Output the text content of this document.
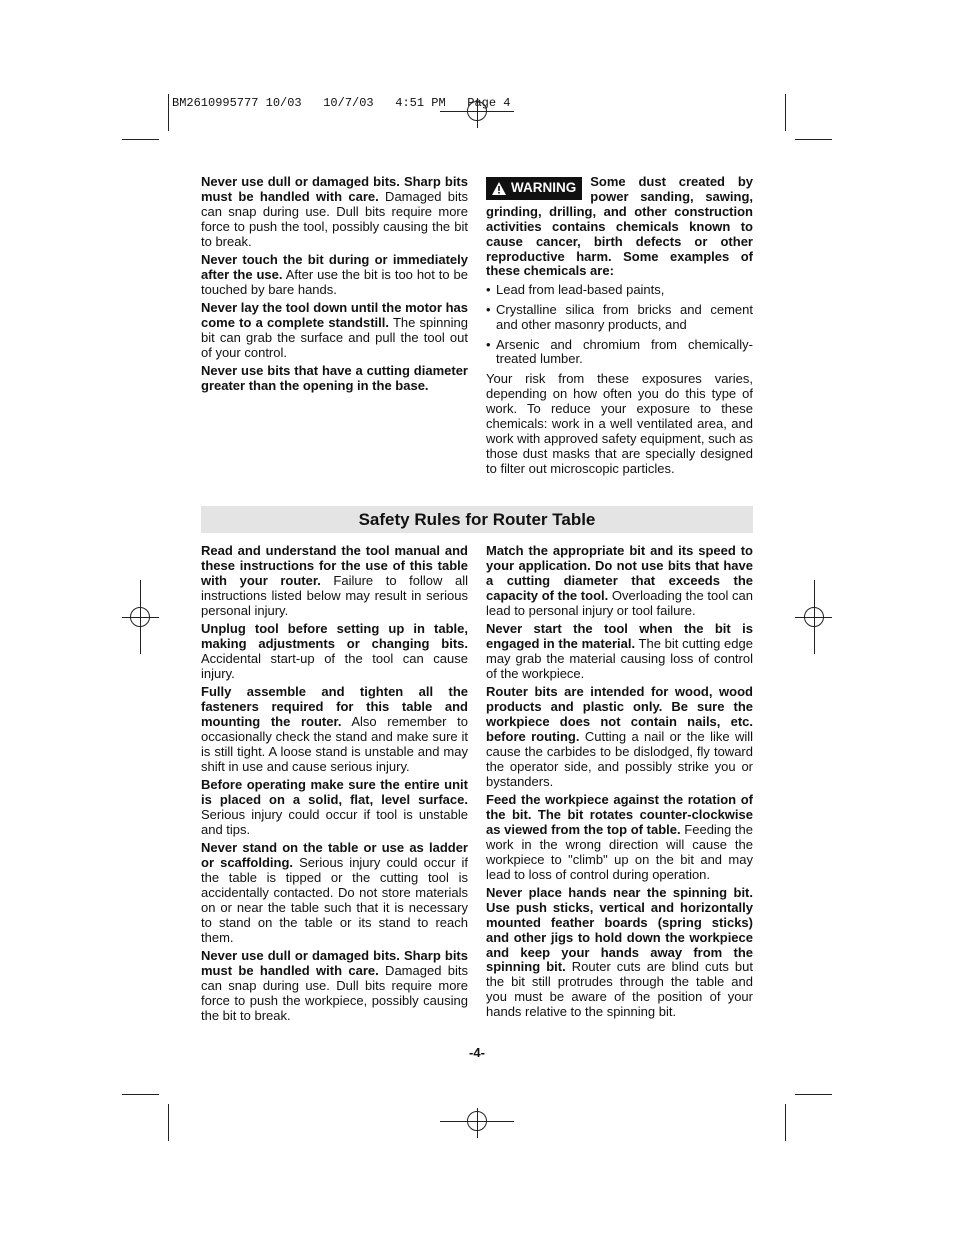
BM2610995777 10/03   10/7/03   4:51 PM   Page 4

Never use dull or damaged bits. Sharp bits must be handled with care. Damaged bits can snap during use. Dull bits require more force to push the tool, possibly causing the bit to break.

Never touch the bit during or immediately after the use. After use the bit is too hot to be touched by bare hands.

Never lay the tool down until the motor has come to a complete standstill. The spinning bit can grab the surface and pull the tool out of your control.

Never use bits that have a cutting diameter greater than the opening in the base.

WARNING Some dust created by power sanding, sawing, grinding, drilling, and other construction activities contains chemicals known to cause cancer, birth defects or other reproductive harm. Some examples of these chemicals are:

• Lead from lead-based paints,
• Crystalline silica from bricks and cement and other masonry products, and
• Arsenic and chromium from chemically-treated lumber.

Your risk from these exposures varies, depending on how often you do this type of work. To reduce your exposure to these chemicals: work in a well ventilated area, and work with approved safety equipment, such as those dust masks that are specially designed to filter out microscopic particles.

Safety Rules for Router Table

Read and understand the tool manual and these instructions for the use of this table with your router. Failure to follow all instructions listed below may result in serious personal injury.

Unplug tool before setting up in table, making adjustments or changing bits. Accidental start-up of the tool can cause injury.

Fully assemble and tighten all the fasteners required for this table and mounting the router. Also remember to occasionally check the stand and make sure it is still tight. A loose stand is unstable and may shift in use and cause serious injury.

Before operating make sure the entire unit is placed on a solid, flat, level surface. Serious injury could occur if tool is unstable and tips.

Never stand on the table or use as ladder or scaffolding. Serious injury could occur if the table is tipped or the cutting tool is accidentally contacted. Do not store materials on or near the table such that it is necessary to stand on the table or its stand to reach them.

Never use dull or damaged bits. Sharp bits must be handled with care. Damaged bits can snap during use. Dull bits require more force to push the workpiece, possibly causing the bit to break.

Match the appropriate bit and its speed to your application. Do not use bits that have a cutting diameter that exceeds the capacity of the tool. Overloading the tool can lead to personal injury or tool failure.

Never start the tool when the bit is engaged in the material. The bit cutting edge may grab the material causing loss of control of the workpiece.

Router bits are intended for wood, wood products and plastic only. Be sure the workpiece does not contain nails, etc. before routing. Cutting a nail or the like will cause the carbides to be dislodged, fly toward the operator side, and possibly strike you or bystanders.

Feed the workpiece against the rotation of the bit. The bit rotates counter-clockwise as viewed from the top of table. Feeding the work in the wrong direction will cause the workpiece to "climb" up on the bit and may lead to loss of control during operation.

Never place hands near the spinning bit. Use push sticks, vertical and horizontally mounted feather boards (spring sticks) and other jigs to hold down the workpiece and keep your hands away from the spinning bit. Router cuts are blind cuts but the bit still protrudes through the table and you must be aware of the position of your hands relative to the spinning bit.

-4-
